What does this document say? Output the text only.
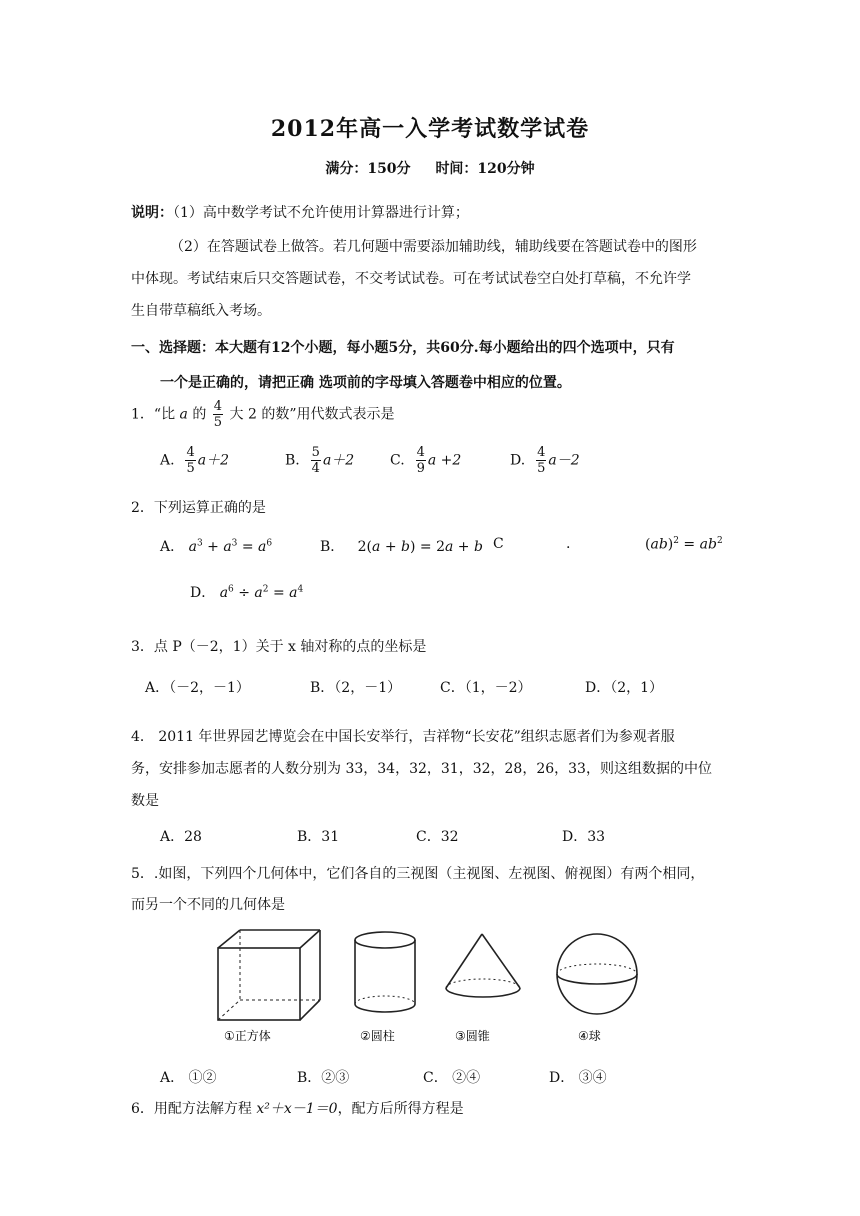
2012年高一入学考试数学试卷
满分：150分 时间：120分钟
说明：（1）高中数学考试不允许使用计算器进行计算；
（2）在答题试卷上做答。若几何题中需要添加辅助线，辅助线要在答题试卷中的图形
中体现。考试结束后只交答题试卷，不交考试试卷。可在考试试卷空白处打草稿，不允许学
生自带草稿纸入考场。
一、选择题：本大题有12个小题，每小题5分，共60分.每小题给出的四个选项中，只有
一个是正确的，请把正确 选项前的字母填入答题卷中相应的位置。
1．“比 a 的 $\frac{4}{5}$ 大 2 的数”用代数式表示是
A. $\frac{4}{5} a+2$	B. $\frac{5}{4} a+2$	C. $\frac{4}{9}$ a +2	D. $\frac{4}{5} a-2$
2．下列运算正确的是
A． $a^3 + a^3 = a^6$	B．   2(a + b) = 2a + b C	.	$(ab)^2 = ab^2$
D． $a^6 \div a^2 = a^4$
3．点 P（－2，1）关于 x 轴对称的点的坐标是
A．（－2，－1）	B．（2，－1）	C．（1，－2）	D．（2，1）
4． 2011 年世界园艺博览会在中国长安举行，吉祥物“长安花”组织志愿者们为参观者服
务，安排参加志愿者的人数分别为 33，34，32，31，32，28，26，33，则这组数据的中位
数是
A．28	B．31	C．32	D．33
5．.如图，下列四个几何体中，它们各自的三视图（主视图、左视图、俯视图）有两个相同，
而另一个不同的几何体是
①正方体	②圆柱	③圆锥	④球
A． ①②	B．②③	C． ②④	D． ③④
6．用配方法解方程 x²＋x－1＝0，配方后所得方程是
